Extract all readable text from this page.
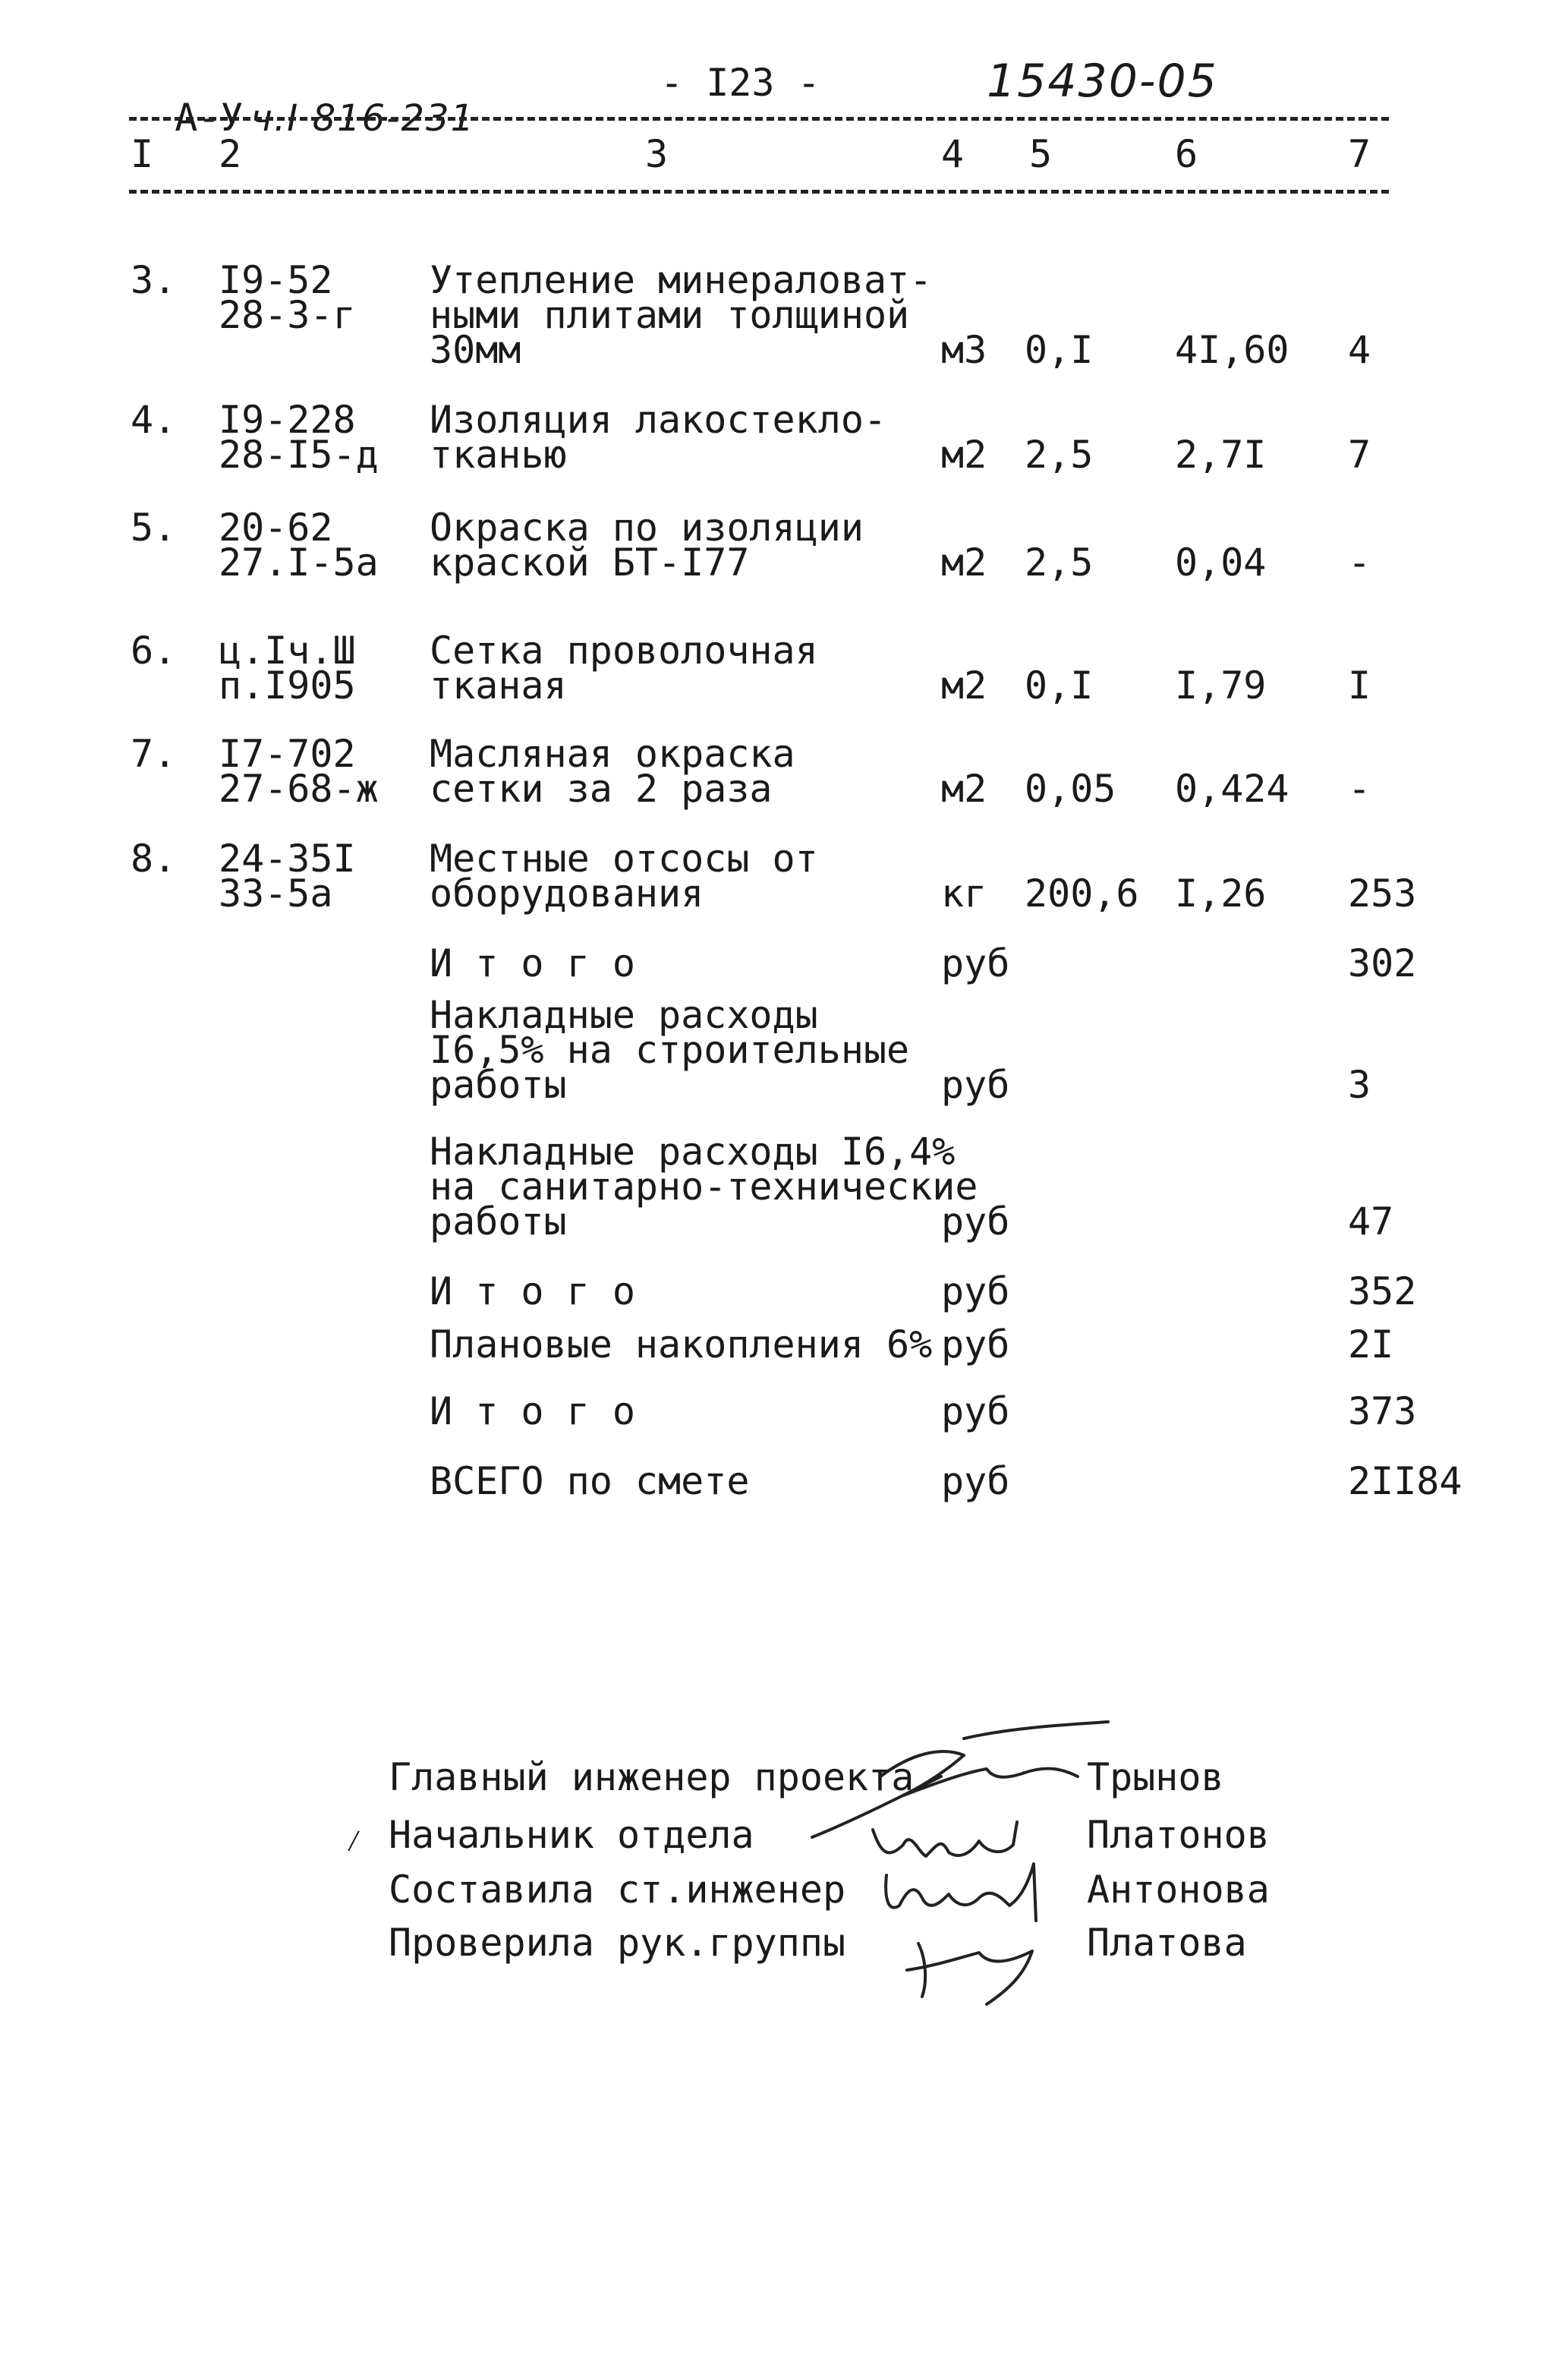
А-У ч.І 816-231

- I23 -	15430-05
I 2	3	4 5	6	7
3. I9-52
28-3-г
Утепление минераловат-
ными плитами толщиной
30мм	м3 0,I 4I,60 4
4. I9-228
28-I5-д
Изоляция лакостекло-
тканью	м2 2,5 2,7I 7
5. 20-62
27.I-5а
Окраска по изоляции
краской БТ-I77	м2 2,5 0,04 -
6. ц.Iч.Ш
п.I905
Сетка проволочная
тканая	м2 0,I I,79 I
7. I7-702
27-68-ж
Масляная окраска
сетки за 2 раза	м2 0,05 0,424 -
8. 24-35I
33-5а
Местные отсосы от
оборудования	кг 200,6 I,26 253
И т о г о	руб	302
Накладные расходы
I6,5% на строительные
работы	руб	3
Накладные расходы I6,4%
на санитарно-технические
работы	руб	47
И т о г о	руб	352
Плановые накопления 6% руб	2I
И т о г о	руб	373
ВСЕГО по смете	руб	2II84
⁄
Главный инженер проекта	Трынов
Начальник отдела	Платонов
Составила ст.инженер	Антонова
Проверила рук.группы	Платова
